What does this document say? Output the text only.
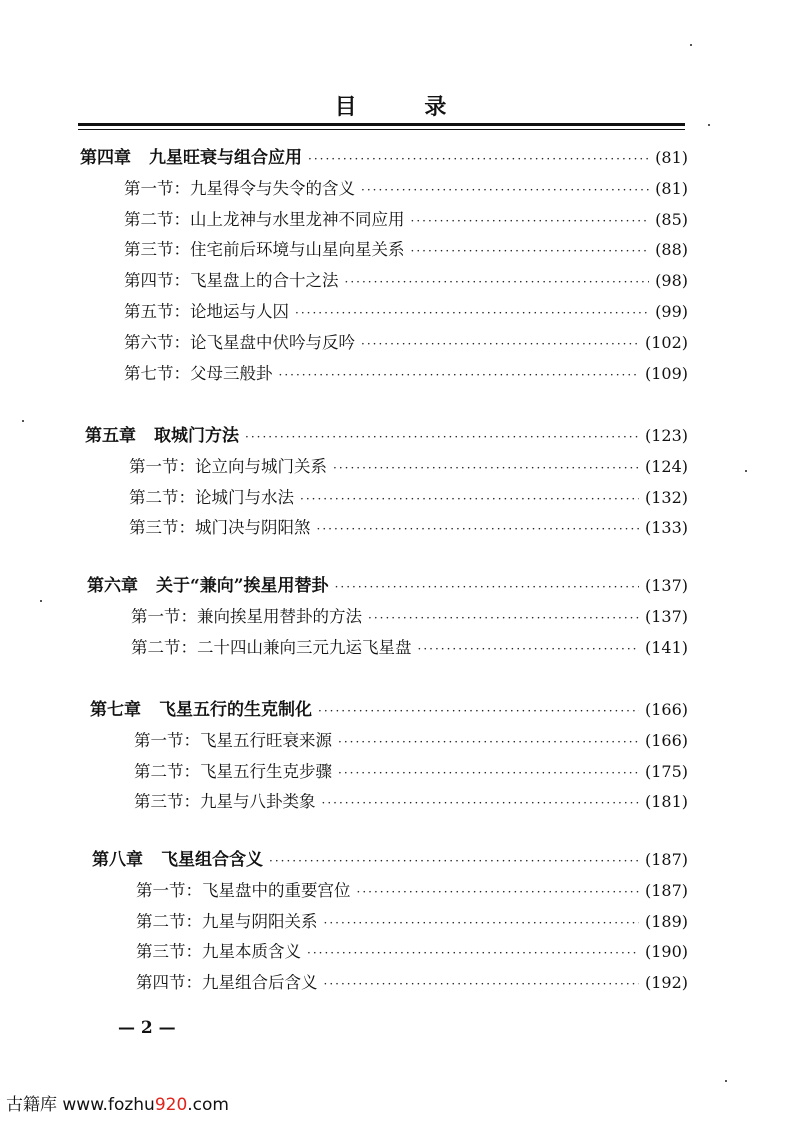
目 录
第四章 九星旺衰与组合应用 ·····	(81)
第一节： 九星得令与失令的含义 ·····	(81)
第二节： 山上龙神与水里龙神不同应用 ·····	(85)
第三节： 住宅前后环境与山星向星关系 ·····	(88)
第四节： 飞星盘上的合十之法 ·····	(98)
第五节： 论地运与人囚 ·····	(99)
第六节： 论飞星盘中伏吟与反吟 ·····	(102)
第七节： 父母三般卦 ·····	(109)
第五章 取城门方法 ·····	(123)
第一节： 论立向与城门关系 ·····	(124)
第二节： 论城门与水法 ·····	(132)
第三节： 城门决与阴阳煞 ·····	(133)
第六章 关于“兼向”挨星用替卦 ·····	(137)
第一节： 兼向挨星用替卦的方法 ·····	(137)
第二节： 二十四山兼向三元九运飞星盘 ·····	(141)
第七章 飞星五行的生克制化 ·····	(166)
第一节： 飞星五行旺衰来源 ·····	(166)
第二节： 飞星五行生克步骤 ·····	(175)
第三节： 九星与八卦类象 ·····	(181)
第八章 飞星组合含义 ·····	(187)
第一节： 飞星盘中的重要宫位 ·····	(187)
第二节： 九星与阴阳关系 ·····	(189)
第三节： 九星本质含义 ·····	(190)
第四节： 九星组合后含义 ·····	(192)
— 2 —
古籍库 www.fozhu920.com
